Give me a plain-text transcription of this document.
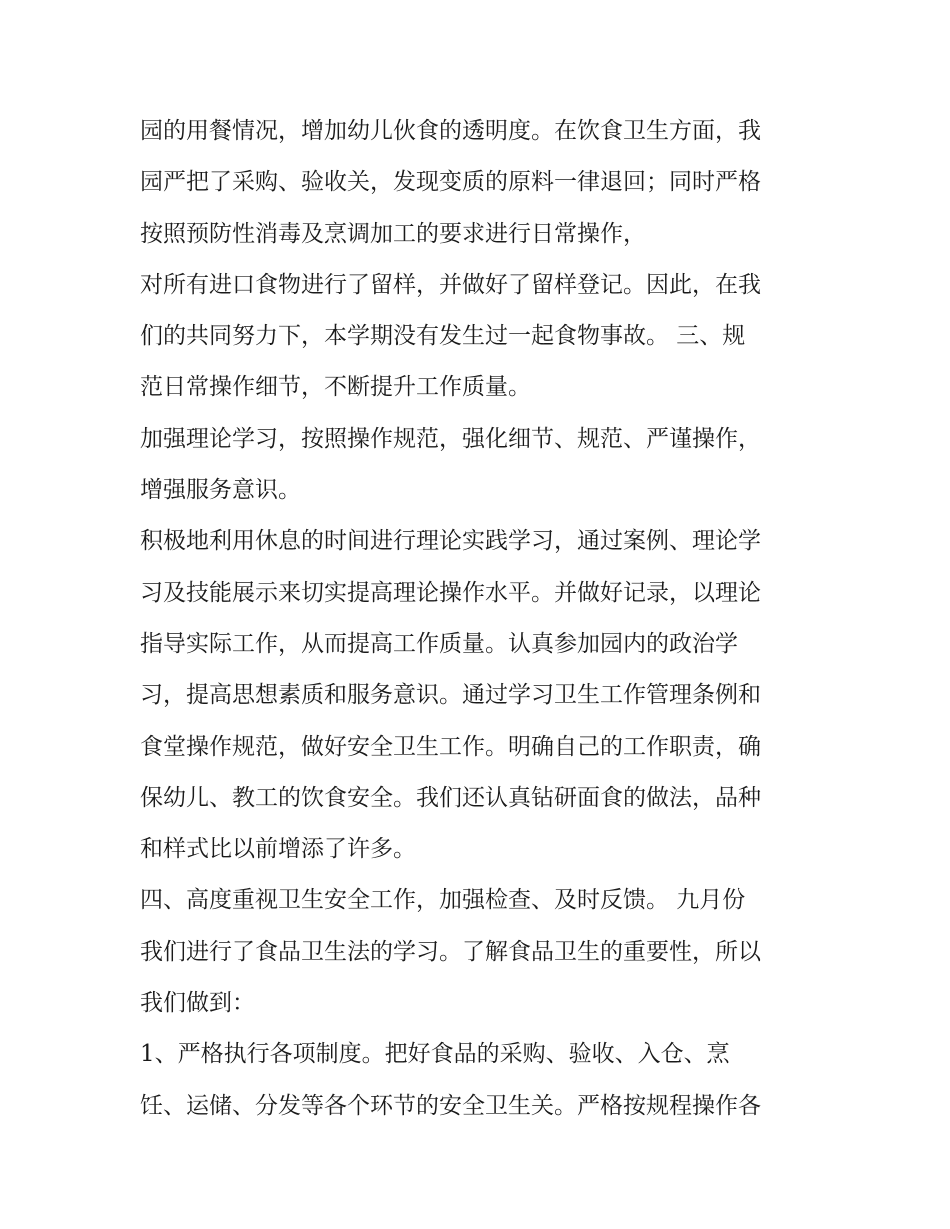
园的用餐情况，增加幼儿伙食的透明度。在饮食卫生方面，我
园严把了采购、验收关，发现变质的原料一律退回；同时严格
按照预防性消毒及烹调加工的要求进行日常操作，
对所有进口食物进行了留样，并做好了留样登记。因此，在我
们的共同努力下，本学期没有发生过一起食物事故。 三、规
范日常操作细节，不断提升工作质量。
加强理论学习，按照操作规范，强化细节、规范、严谨操作，
增强服务意识。
积极地利用休息的时间进行理论实践学习，通过案例、理论学
习及技能展示来切实提高理论操作水平。并做好记录，以理论
指导实际工作，从而提高工作质量。认真参加园内的政治学
习，提高思想素质和服务意识。通过学习卫生工作管理条例和
食堂操作规范，做好安全卫生工作。明确自己的工作职责，确
保幼儿、教工的饮食安全。我们还认真钻研面食的做法，品种
和样式比以前增添了许多。
四、高度重视卫生安全工作，加强检查、及时反馈。 九月份
我们进行了食品卫生法的学习。了解食品卫生的重要性，所以
我们做到：
1、严格执行各项制度。把好食品的采购、验收、入仓、烹
饪、运储、分发等各个环节的安全卫生关。严格按规程操作各
